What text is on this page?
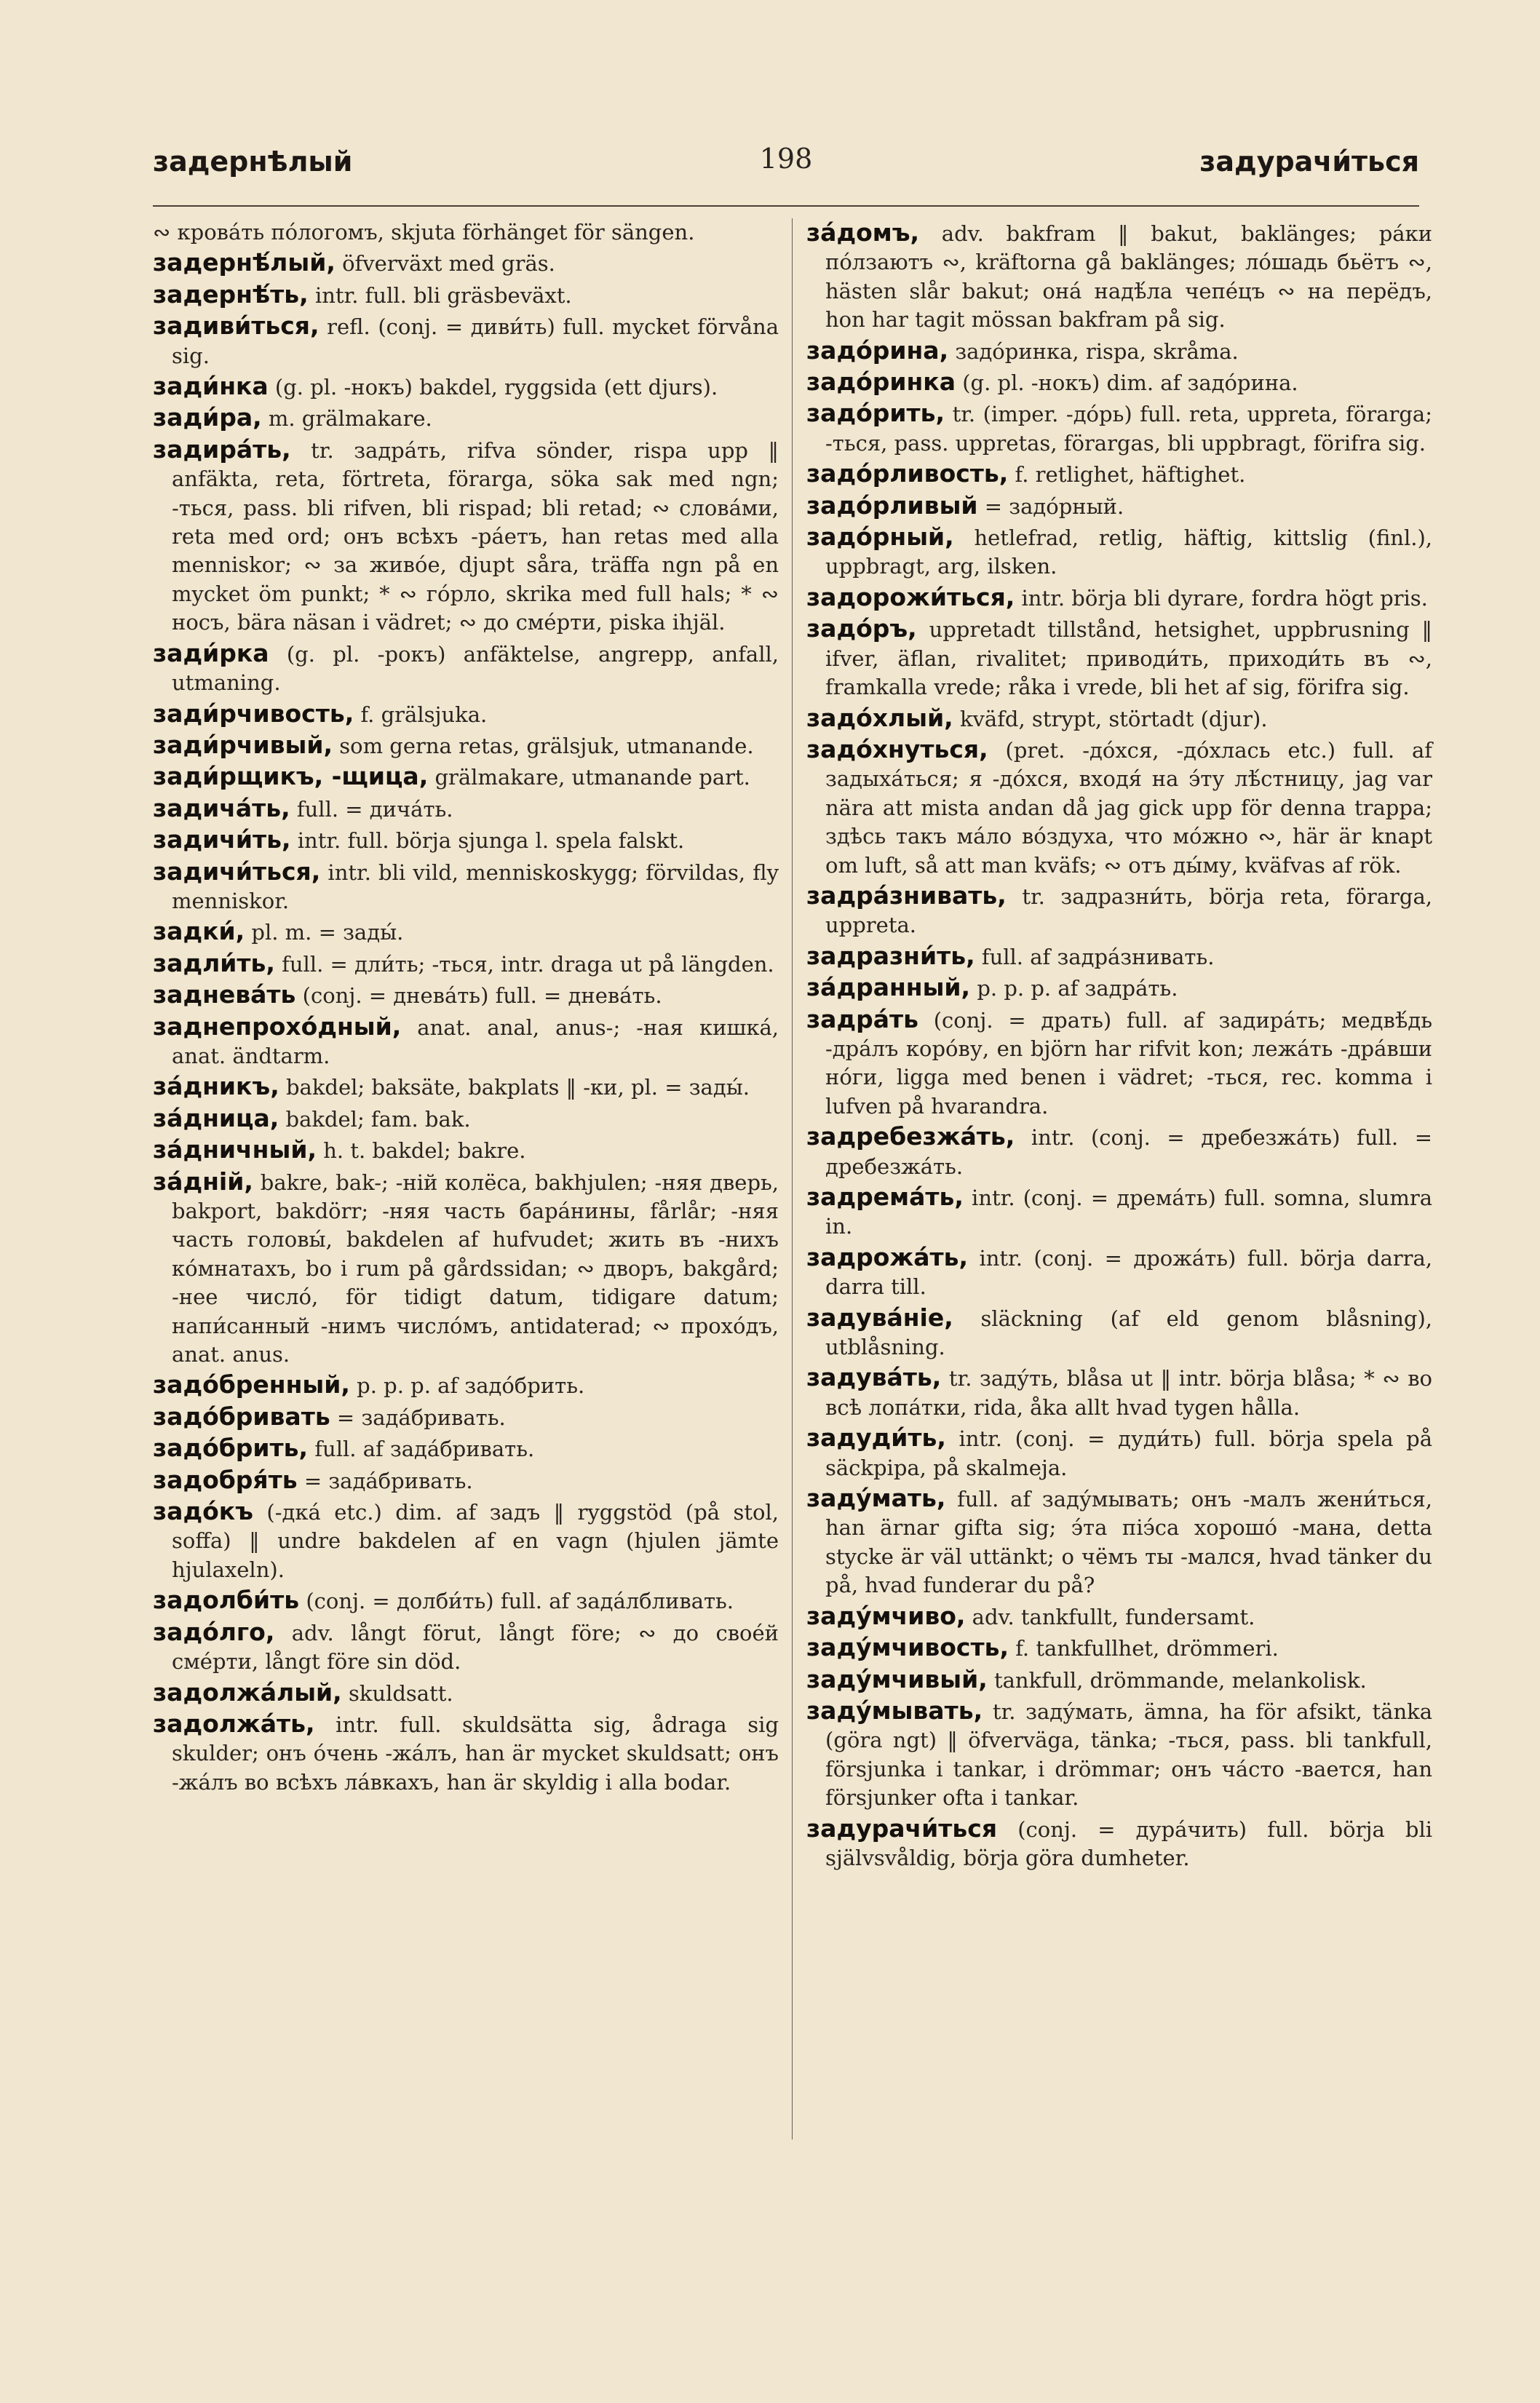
задернѣлый	198	задурачи́ться

∾ крова́ть по́логомъ, skjuta förhänget för sängen.

задернѣ́лый, öfverväxt med gräs.

задернѣ́ть, intr. full. bli gräsbeväxt.

задиви́ться, refl. (conj. = диви́ть) full. mycket förvåna sig.

зади́нка (g. pl. -нокъ) bakdel, ryggsida (ett djurs).

зади́ра, m. grälmakare.

задира́ть, tr. задра́ть, rifva sönder, rispa upp ‖ anfäkta, reta, förtreta, förarga, söka sak med ngn; -ться, pass. bli rifven, bli rispad; bli retad; ∾ слова́ми, reta med ord; онъ всѣхъ -ра́етъ, han retas med alla menniskor; ∾ за живо́е, djupt såra, träffa ngn på en mycket öm punkt; * ∾ го́рло, skrika med full hals; * ∾ носъ, bära näsan i vädret; ∾ до сме́рти, piska ihjäl.

зади́рка (g. pl. -рокъ) anfäktelse, angrepp, anfall, utmaning.

зади́рчивость, f. grälsjuka.

зади́рчивый, som gerna retas, grälsjuk, utmanande.

зади́рщикъ, -щица, grälmakare, utmanande part.

задича́ть, full. = дича́ть.

задичи́ть, intr. full. börja sjunga l. spela falskt.

задичи́ться, intr. bli vild, menniskoskygg; förvildas, fly menniskor.

задки́, pl. m. = зады́.

задли́ть, full. = дли́ть; -ться, intr. draga ut på längden.

заднева́ть (conj. = днева́ть) full. = днева́ть.

заднепрохо́дный, anat. anal, anus-; -ная кишка́, anat. ändtarm.

за́дникъ, bakdel; baksäte, bakplats ‖ -ки, pl. = зады́.

за́дница, bakdel; fam. bak.

за́дничный, h. t. bakdel; bakre.

за́днiй, bakre, bak-; -нiй колёса, bakhjulen; -няя дверь, bakport, bakdörr; -няя часть бара́нины, fårlår; -няя часть головы́, bakdelen af hufvudet; жить въ -нихъ ко́мнатахъ, bo i rum på gårdssidan; ∾ дворъ, bakgård; -нее число́, för tidigt datum, tidigare datum; напи́санный -нимъ число́мъ, antidaterad; ∾ прохо́дъ, anat. anus.

задо́бренный, p. p. p. af задо́брить.

задо́бривать = зада́бривать.

задо́брить, full. af зада́бривать.

задобря́ть = зада́бривать.

задо́къ (-дка́ etc.) dim. af задъ ‖ ryggstöd (på stol, soffa) ‖ undre bakdelen af en vagn (hjulen jämte hjulaxeln).

задолби́ть (conj. = долби́ть) full. af зада́лбливать.

задо́лго, adv. långt förut, långt före; ∾ до свое́й сме́рти, långt före sin död.

задолжа́лый, skuldsatt.

задолжа́ть, intr. full. skuldsätta sig, ådraga sig skulder; онъ о́чень -жа́лъ, han är mycket skuldsatt; онъ -жа́лъ во всѣхъ ла́вкахъ, han är skyldig i alla bodar.

за́домъ, adv. bakfram ‖ bakut, baklänges; ра́ки по́лзаютъ ∾, kräftorna gå baklänges; ло́шадь бьётъ ∾, hästen slår bakut; она́ надѣ́ла чепе́цъ ∾ на перёдъ, hon har tagit mössan bakfram på sig.

задо́рина, задо́ринка, rispa, skråma.

задо́ринка (g. pl. -нокъ) dim. af задо́рина.

задо́рить, tr. (imper. -до́рь) full. reta, uppreta, förarga; -ться, pass. uppretas, förargas, bli uppbragt, förifra sig.

задо́рливость, f. retlighet, häftighet.

задо́рливый = задо́рный.

задо́рный, hetlefrad, retlig, häftig, kittslig (finl.), uppbragt, arg, ilsken.

задорожи́ться, intr. börja bli dyrare, fordra högt pris.

задо́ръ, uppretadt tillstånd, hetsighet, uppbrusning ‖ ifver, äflan, rivalitet; приводи́ть, приходи́ть въ ∾, framkalla vrede; råka i vrede, bli het af sig, förifra sig.

задо́хлый, kväfd, strypt, störtadt (djur).

задо́хнуться, (pret. -до́хся, -до́хлась etc.) full. af задыха́ться; я -до́хся, входя́ на э́ту лѣ́стницу, jag var nära att mista andan då jag gick upp för denna trappa; здѣсь такъ ма́ло во́здуха, что мо́жно ∾, här är knapt om luft, så att man kväfs; ∾ отъ ды́му, kväfvas af rök.

задра́знивать, tr. задразни́ть, börja reta, förarga, uppreta.

задразни́ть, full. af задра́знивать.

за́дранный, p. p. p. af задра́ть.

задра́ть (conj. = драть) full. af задира́ть; медвѣ́дь -дра́лъ коро́ву, en björn har rifvit kon; лежа́ть -дра́вши но́ги, ligga med benen i vädret; -ться, rec. komma i lufven på hvarandra.

задребезжа́ть, intr. (conj. = дребезжа́ть) full. = дребезжа́ть.

задрема́ть, intr. (conj. = дрема́ть) full. somna, slumra in.

задрожа́ть, intr. (conj. = дрожа́ть) full. börja darra, darra till.

задува́нiе, släckning (af eld genom blåsning), utblåsning.

задува́ть, tr. заду́ть, blåsa ut ‖ intr. börja blåsa; * ∾ во всѣ лопа́тки, rida, åka allt hvad tygen hålla.

задуди́ть, intr. (conj. = дуди́ть) full. börja spela på säckpipa, på skalmeja.

заду́мать, full. af заду́мывать; онъ -малъ жени́ться, han ärnar gifta sig; э́та пiэ́са хорошо́ -мана, detta stycke är väl uttänkt; о чёмъ ты -мался, hvad tänker du på, hvad funderar du på?

заду́мчиво, adv. tankfullt, fundersamt.

заду́мчивость, f. tankfullhet, drömmeri.

заду́мчивый, tankfull, drömmande, melankolisk.

заду́мывать, tr. заду́мать, ämna, ha för afsikt, tänka (göra ngt) ‖ öfverväga, tänka; -ться, pass. bli tankfull, försjunka i tankar, i drömmar; онъ ча́сто -вается, han försjunker ofta i tankar.

задурачи́ться (conj. = дура́чить) full. börja bli självsvåldig, börja göra dumheter.
